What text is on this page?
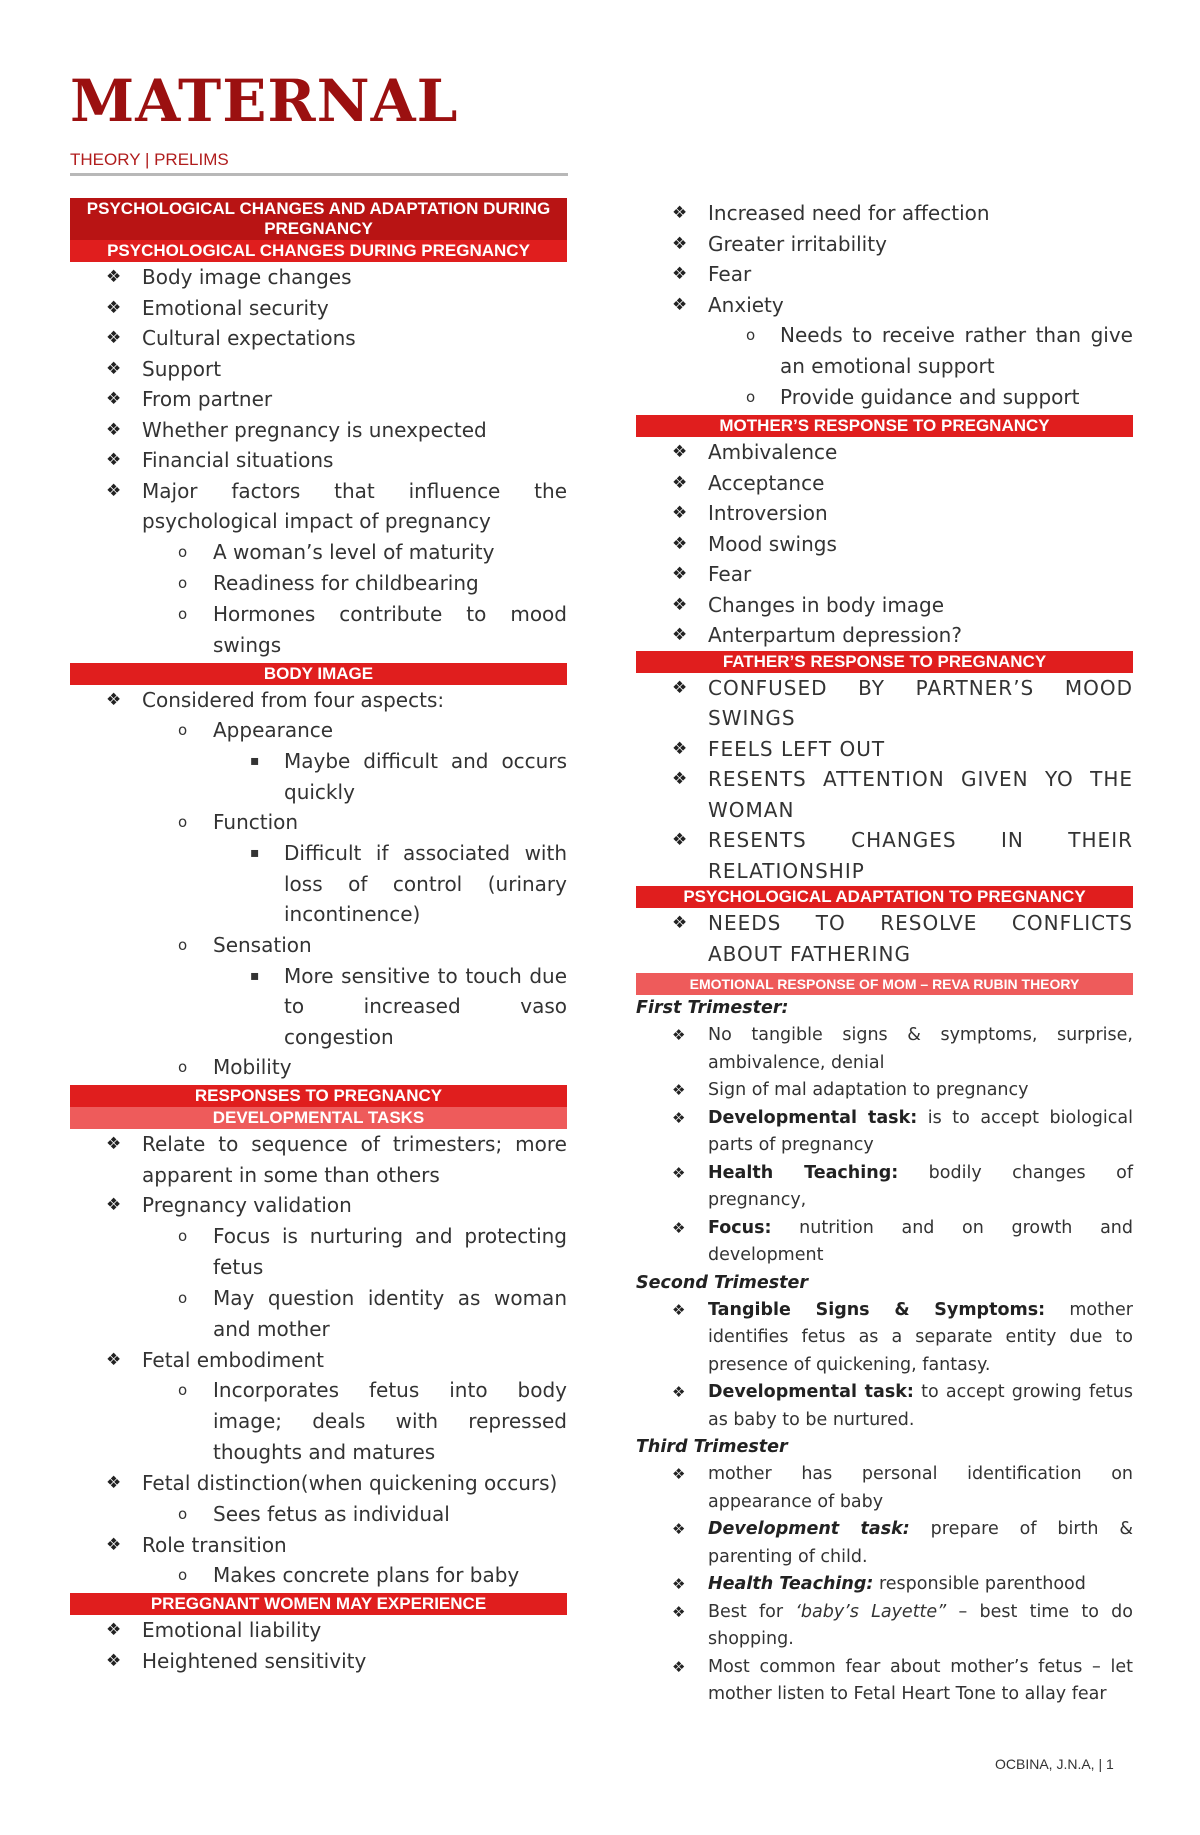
MATERNAL
THEORY | PRELIMS
PSYCHOLOGICAL CHANGES AND ADAPTATION DURING PREGNANCY
PSYCHOLOGICAL CHANGES DURING PREGNANCY
❖ Body image changes
❖ Emotional security
❖ Cultural expectations
❖ Support
❖ From partner
❖ Whether pregnancy is unexpected
❖ Financial situations
❖ Major factors that influence the psychological impact of pregnancy
o A woman’s level of maturity
o Readiness for childbearing
o Hormones contribute to mood swings
BODY IMAGE
❖ Considered from four aspects:
o Appearance
▪ Maybe difficult and occurs quickly
o Function
▪ Difficult if associated with loss of control (urinary incontinence)
o Sensation
▪ More sensitive to touch due to increased vaso congestion
o Mobility
RESPONSES TO PREGNANCY
DEVELOPMENTAL TASKS
❖ Relate to sequence of trimesters; more apparent in some than others
❖ Pregnancy validation
o Focus is nurturing and protecting fetus
o May question identity as woman and mother
❖ Fetal embodiment
o Incorporates fetus into body image; deals with repressed thoughts and matures
❖ Fetal distinction(when quickening occurs)
o Sees fetus as individual
❖ Role transition
o Makes concrete plans for baby
PREGGNANT WOMEN MAY EXPERIENCE
❖ Emotional liability
❖ Heightened sensitivity
❖ Increased need for affection
❖ Greater irritability
❖ Fear
❖ Anxiety
o Needs to receive rather than give an emotional support
o Provide guidance and support
MOTHER’S RESPONSE TO PREGNANCY
❖ Ambivalence
❖ Acceptance
❖ Introversion
❖ Mood swings
❖ Fear
❖ Changes in body image
❖ Anterpartum depression?
FATHER’S RESPONSE TO PREGNANCY
❖ CONFUSED BY PARTNER’S MOOD SWINGS
❖ FEELS LEFT OUT
❖ RESENTS ATTENTION GIVEN YO THE WOMAN
❖ RESENTS CHANGES IN THEIR RELATIONSHIP
PSYCHOLOGICAL ADAPTATION TO PREGNANCY
❖ NEEDS TO RESOLVE CONFLICTS ABOUT FATHERING
EMOTIONAL RESPONSE OF MOM – REVA RUBIN THEORY
First Trimester:
❖ No tangible signs & symptoms, surprise, ambivalence, denial
❖ Sign of mal adaptation to pregnancy
❖ Developmental task: is to accept biological parts of pregnancy
❖ Health Teaching: bodily changes of pregnancy,
❖ Focus: nutrition and on growth and development
Second Trimester
❖ Tangible Signs & Symptoms: mother identifies fetus as a separate entity due to presence of quickening, fantasy.
❖ Developmental task: to accept growing fetus as baby to be nurtured.
Third Trimester
❖ mother has personal identification on appearance of baby
❖ Development task: prepare of birth & parenting of child.
❖ Health Teaching: responsible parenthood
❖ Best for ‘baby’s Layette” – best time to do shopping.
❖ Most common fear about mother’s fetus – let mother listen to Fetal Heart Tone to allay fear
OCBINA, J.N.A, | 1
